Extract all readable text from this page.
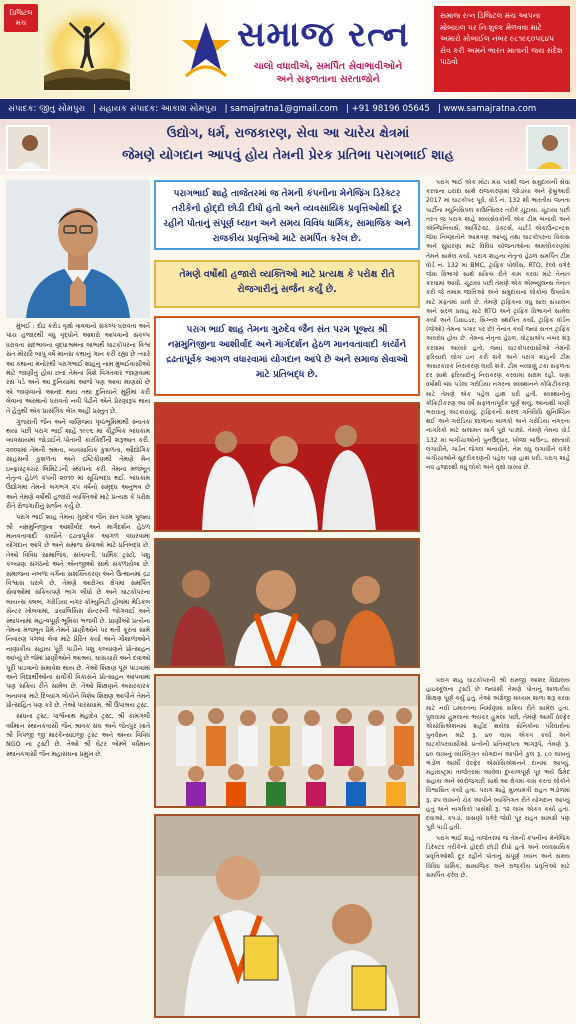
ડિજિટલ મંચ	સમાજ રત્ન
ચાલો વધાવીએ, સમર્પિત સેવાભાવીઓને
અને સફળતાના સરતાજોને
સમાજ રત્ન ડિજિટલ મંચ આપના મોબાઇલ પર નિઃશુલ્ક મેળવવા માટે અમારો મોબાઈલ નંબર ૯૮૧૯૬૦૫૬૪૫ સેવ કરી અમને ભારત માતાની જય સંદેશ પાઠવો
સંપાદક: જીતુ સોમપુરા | સહાયક સંપાદક: આકાશ સોમપુરા | samajratna1@gmail.com | +91 98196 05645 | www.samajratna.com
ઉદ્યોગ, ધર્મ, રાજકારણ, સેવા આ ચારેય ક્ષેત્રમાં
જેમણે યોગદાન આપવું હોય તેમની પ્રેરક પ્રતિભા પરાગભાઈ શાહ
પરાગભાઈ શાહે તાજેતરમાં જ તેમની કંપનીના મેનેજિંગ ડિરેક્ટર તરીકેનો હોદ્દો છોડી દીધો હતો અને વ્યવસાયિક પ્રવૃત્તિઓથી દૂર રહીને પોતાનું સંપૂર્ણ ધ્યાન અને સમય વિવિધ ધાર્મિક, સામાજિક અને રાજકીય પ્રવૃત્તિઓ માટે સમર્પિત કરેલ છે.
તેમણે વર્ષોથી હજારો વ્યક્તિઓ માટે પ્રત્યક્ષ કે પરોક્ષ રીતે રોજગારીનું સર્જન કર્યું છે.
પરાગ ભાઈ શાહ તેમના ગુરુદેવ જૈન સંત પરમ પૂજ્ય શ્રી નમ્રમુનિજીના આશીર્વાદ અને માર્ગદર્શન હેઠળ માનવતાવાદી કાર્યોને દ્રઢતાપૂર્વક આગળ વધારવામાં યોગદાન આપે છે અને સમાજ સેવાઓ માટે પ્રતિબદ્ધ છે.

મુંબઈ : દોઢ કરોડ વૃક્ષો વાવવાનો સંકલ્પ ધરાવતા અને પાંચ હજારથી વધુ વૃદ્ધોને આશરો આપવાનો સંકલ્પ ધરાવતા સદભાવના વૃદ્ધાશ્રમના લાભાર્થે ઘાટકોપરના વિશ્વ સંત મોરારિ બાપુ વર્ષે માનસ કથાનું ગાન કરી રહ્યા છે ત્યારે આ કથાના મનોરથી પરાગભાઈ શાહનું નામ મુંબઈવાસીઓ માટે જાણીતું હોવા છતાં તેમના વિશે વિગતવાર જાણવામાં રસ પડે અને આ દુનિયામાં આજે પણ આવા માણસો છે એ જાણવાનો આનંદ થાય તથા દુનિયાને મુઠ્ઠીમાં કરી લેવાના અરમાનો ધરાવતો નવી પેઢીને એને પ્રેરણારૂપ થાય તે હેતુથી એક પ્રાસંગિક લેખ અહીં પ્રસ્તુત છે.

ગુજરાતી જૈન અને વાણિજ્ય પૃષ્ઠભૂમિમાંથી સ્નાતક થયા પછી પરાગ ભાઈ શાહે ૧૯૯૬ માં કૌટુંબિક બાંધકામ વ્યવસાયમાં જોડાઈને પોતાની કારકિર્દીની શરૂઆત કરી. ૨૦૦૨માં તેમની શ્રમતા, વ્યવસાયિક કુશળતા, ઔદ્યોગિક સાહસની કુશળતા અને દ્રષ્ટિકોણથી તેમણે મેન ઇન્ફ્રાસ્ટ્રક્ચર લિમિટેડની સ્થાપના કરી. તેમના મજબૂત નેતૃત્વ હેઠળ કંપની ૨૦૧૦ માં સૂચિબદ્ધ થઈ. બાંધકામ ઉદ્યોગમાં તેમનો લગભગ ૨૫ વર્ષનો સમૃદ્ધ અનુભવ છે અને તેમણે વર્ષોથી હજારો વ્યક્તિઓ માટે પ્રત્યક્ષ કે પરોક્ષ રીતે રોજગારીનું સર્જન કર્યું છે.

પરાગ ભાઈ શાહ તેમના ગુરુદેવ જૈન સંત પરમ પૂજ્ય શ્રી નમ્રમુનિજીના આશીર્વાદ અને માર્ગદર્શન હેઠળ માનવતાવાદી કાર્યોને દ્રઢતાપૂર્વક આગળ વધારવામાં યોગદાન આપે છે અને સમાજ સેવાઓ માટે પ્રતિબદ્ધ છે. તેઓ વિવિધ સામાજિક, સખાવતી, ધાર્મિક ટ્રસ્ટો, પશુ કલ્યાણ સંગઠનો અને એનજીઓ સાથે સંકળાયેલા છે. સમાજના નબળા વર્ગના સશક્તિકરણ અને ઉત્થાનમાં દ્રઢ વિશ્વાસ ધરાવે છે, તેમણે આરોગ્ય ક્ષેત્રમાં સમર્પિત સેવાઓમાં સક્રિયપણે ભાગ લીધો છે અને ઘાટકોપરના લાયન્સ ક્લબ, ગરોડિયા નગર કોમ્યુનિટી હોલમાં મેડિકલ સેન્ટર ખોલવામાં, ડાયાલિસિસ સેન્ટરની જોગવાઈ અને સ્થાપનામાં મહત્વપૂર્ણ ભૂમિકા ભજવી છે. પ્રાણીઓ પ્રત્યેના તેમના મજબૂત પ્રેમે તેમને પ્રાણીઓને પર થતી ક્રૂરતા સામે નિવારણ પગલાં લેવા માટે પ્રેરિત કર્યા અને ગૌશાળાઓને નાણાકીય સહાય પૂરી પાડીને પશુ કલ્યાણને પ્રોત્સાહન આપ્યું છે જેમાં પ્રાણીઓને આશ્રય, ઘાસચારો અને દવાઓ પૂરી પાડવાનો સમાવેશ થાય છે. તેઓ શિક્ષણ પૂરું પાડવામાં અને વિદ્યાર્થીઓના સર્વાંગી વિકાસને પ્રોત્સાહન આપવામાં પણ સક્રિય રીતે સામેલ છે. તેઓ શિક્ષણને અસરકારક બનાવવા માટે દિવ્યાંગ લોકોને વિશેષ શિક્ષણ આપીને તેમને પ્રોત્સાહિત પણ કરે છે. તેઓ પારસધામ, શ્રી ઉપાશ્રય ટ્રસ્ટ,

સાધના ટ્રસ્ટ, પાર્શ્વનાથ મહાદેવ ટ્રસ્ટ, શ્રી કામગલી વર્ધમાન સ્થાનકવાસી જૈન શ્રાવક સંઘ અને જેતપુર ખાતે શ્રી ત્રિપજી જી મારકેન્સાઇજી ટ્રસ્ટ અને અન્ય વિવિધ NGO ના ટ્રસ્ટી છે. તેઓ શ્રી ઘેટર બોમ્બે વર્ધમાન સ્થાનકવાસી જૈન મહાસંઘના પ્રમુખ છે.

પરાગ ભાઈ એક મોટા મંચ પરથી જન સમુદાયની સેવા કરવાના ઇરાદા સાથે રાજકારણમાં જોડાયા અને ફેબ્રુઆરી 2017 માં ઘાટકોપર પૂર્વ, વોર્ડ નં. 132 થી ભારતીય જનતા પાર્ટીના મ્યુનિસિપલ કાઉન્સિલર તરીકે ચૂંટાયા. ચૂંટાયા પછી તરત જ પરાગ શાહે સ્વયંસેવકોની એક ટીમ બનાવી અને એન્જિનિયર્સ, આર્કિટેક્ટ, ડૉક્ટર્સ, ચાર્ટર્ડ એકાઉન્ટન્ટ્સ જેવા નિષ્ણાતોને આમંત્રણ આપ્યું તથા ઘાટકોપરના વિકાસ અને સુધારણા માટે વિવિધ યોજનાઓના અમલીકરણમાં તેમને સામેલ કર્યા. પરાગ શાહના નેતૃત્વ હેઠળ સમર્પિત ટીમ વોર્ડ નં. 132 માં BMC, ટ્રાફિક પોલીસ, RTO, રેલ્વે વગેરે જેવા વિભાગો સાથે સક્રિય રીતે કામ કરવા માટે તૈનાત કરવામાં આવી. ચૂંટાયા પછી તેમણે એક એમ્બ્યુલન્સ તૈનાત કરી જે તમામ જાતિઓ અને સમુદાયના લોકોના ઉપયોગ માટે મફતમાં ચાલે છે. તેમણે ટ્રાફિકના વધુ સારા સંચાલન અને સરળ પ્રવાહ માટે RTO અને ટ્રાફિક વિભાગને સામેલ કર્યા અને ડિવાઇડર, સિગ્નલ સ્થાપિત કર્યા, ટ્રાફિક વૉર્ડન (જેઓ) તેમના પગાર પર છે) તૈનાત કર્યાં જ્યાં સતત ટ્રાફિક અવરોધ હોય છે. તેમના નેતૃત્વ હેઠળ, વોટ્સએપ નંબર શરૂ કરવામાં આવ્યો હતો, જ્યાં ઘાટકોપરવાસીઓ તેમની ફરિયાદો લોગ ઇન કરી શકે અને પરાગ શાહની ટીમ અસરકારક નિરાકરણ લાવી શકે. ટીમ નવ્વાણું ટકા સફળતા દર સાથે ફરિયાદોનું નિરાકરણ કરવામાં સક્ષમ રહી. ઘણા વર્ષોથી બંધ પડેલા ગરોડિયા નગરના સ્વસ્થાનને કોંક્રિટીકરણ માટે તેમણે એક પહેલ હાથ ધરી હતી. સ્વસ્થાનોનું કોંક્રિટીકરણ આ વર્ષે સફળતાપૂર્વક પૂર્ણ થયું. આનાથી પાણી ભરાવાનું અટકાવાયું, ટ્રાફિકની સરળ ગતિવિધિ સુનિશ્ચિત થઈ અને ગરોડિયા શાળાના બાળકો અને ગરોડિયા નગરના નાગરિકો માટે સલામત માર્ગ પૂરો પાડ્યો. તેમણે તેમના વોર્ડ 132 માં બગીચાઓનો પુનર્ઉદ્ધાર, ખોજા બાઉન્ડ, સ્લતાવો લગાવીને, ગાર્ડન જૈગલ બનાવીને, તેમ વધુ લગાવીને વગેરે બગીચાઓને સુંદરીકરણની પહેલ પણ હાથ ધરી. પરાગ શાહે નવ હજારથી વધુ લોકો અને વૃક્ષો વાવ્યા છે.

પરાગ શાહ ઘાટકોપરની શ્રી રામજી આશર વિદ્યાલય હાઇસ્કૂલના ટ્રસ્ટી છે જ્યાંથી તેમણે પોતાનું શાળાકીય શિક્ષણ પૂર્ણ કર્યું હતું. તેઓ અંગ્રેજી માધ્યમ શાળા શરૂ કરવા માટે નવી ઇમારતના નિર્માણમાં સક્રિય રીતે સામેલ હતા. પુલવામા હુમલાના ભયંકર હુમલા પછી, તેમણે આર્મી વેલ્ફેર એસોસિએશનમાં શહીદ થયેલા સૈનિકોના પરિવારોના પુનર્વસન માટે રૂ. ૪૦ લાખ એકત્ર કર્યા અને ઘાટકોપરવાસીઓ પ્રત્યેની પ્રતિબદ્ધતા ભાગરૂપે, તેમણે રૂ. ૪૦ લાખનું વ્યક્તિગત યોગદાન આપીને કુલ રૂ. ૮૦ લાખનું ભંડોળ આર્મી વેલ્ફેર એસોસિએશનને દાનમાં આપ્યું. મહારાષ્ટ્રમાં તાજેતરમાં આવેલા દુષ્કાળપૂર્ણ પૂર ભયે ઉમેદ સહાય અને સ્વરોજગારી સાથે આ ક્ષેત્રમાં કામ કરતા લોકોને વિશ્વાસિત કર્યા હતા. પરાગ શાહે મુખ્યમંત્રી રાહત ભંડોળમાં રૂ. ૨૫ લાખનો ચેક આપીને વ્યક્તિગત રીતે યોગદાન આપ્યું હતું અને નાગરિકો પાસેથી રૂ. ૧૨ લાખ એકત્ર કર્યા હતા. દવાઓ, કપડાં, વાસણો વગેરે જેવી પૂર રાહત સામગ્રી પણ પૂરી પાડી હતી.

પરાગ ભાઈ શાહે તાજેતરમાં જ તેમની કંપનીના મેનેજિંગ ડિરેક્ટર તરીકેનો હોદ્દો છોડી દીધો હતો અને વ્યવસાયિક પ્રવૃત્તિઓથી દૂર રહીને પોતાનું સંપૂર્ણ ધ્યાન અને સમય વિવિધ ધાર્મિક, સામાજિક અને રાજકીય પ્રવૃત્તિઓ માટે સમર્પિત કરેલ છે.
